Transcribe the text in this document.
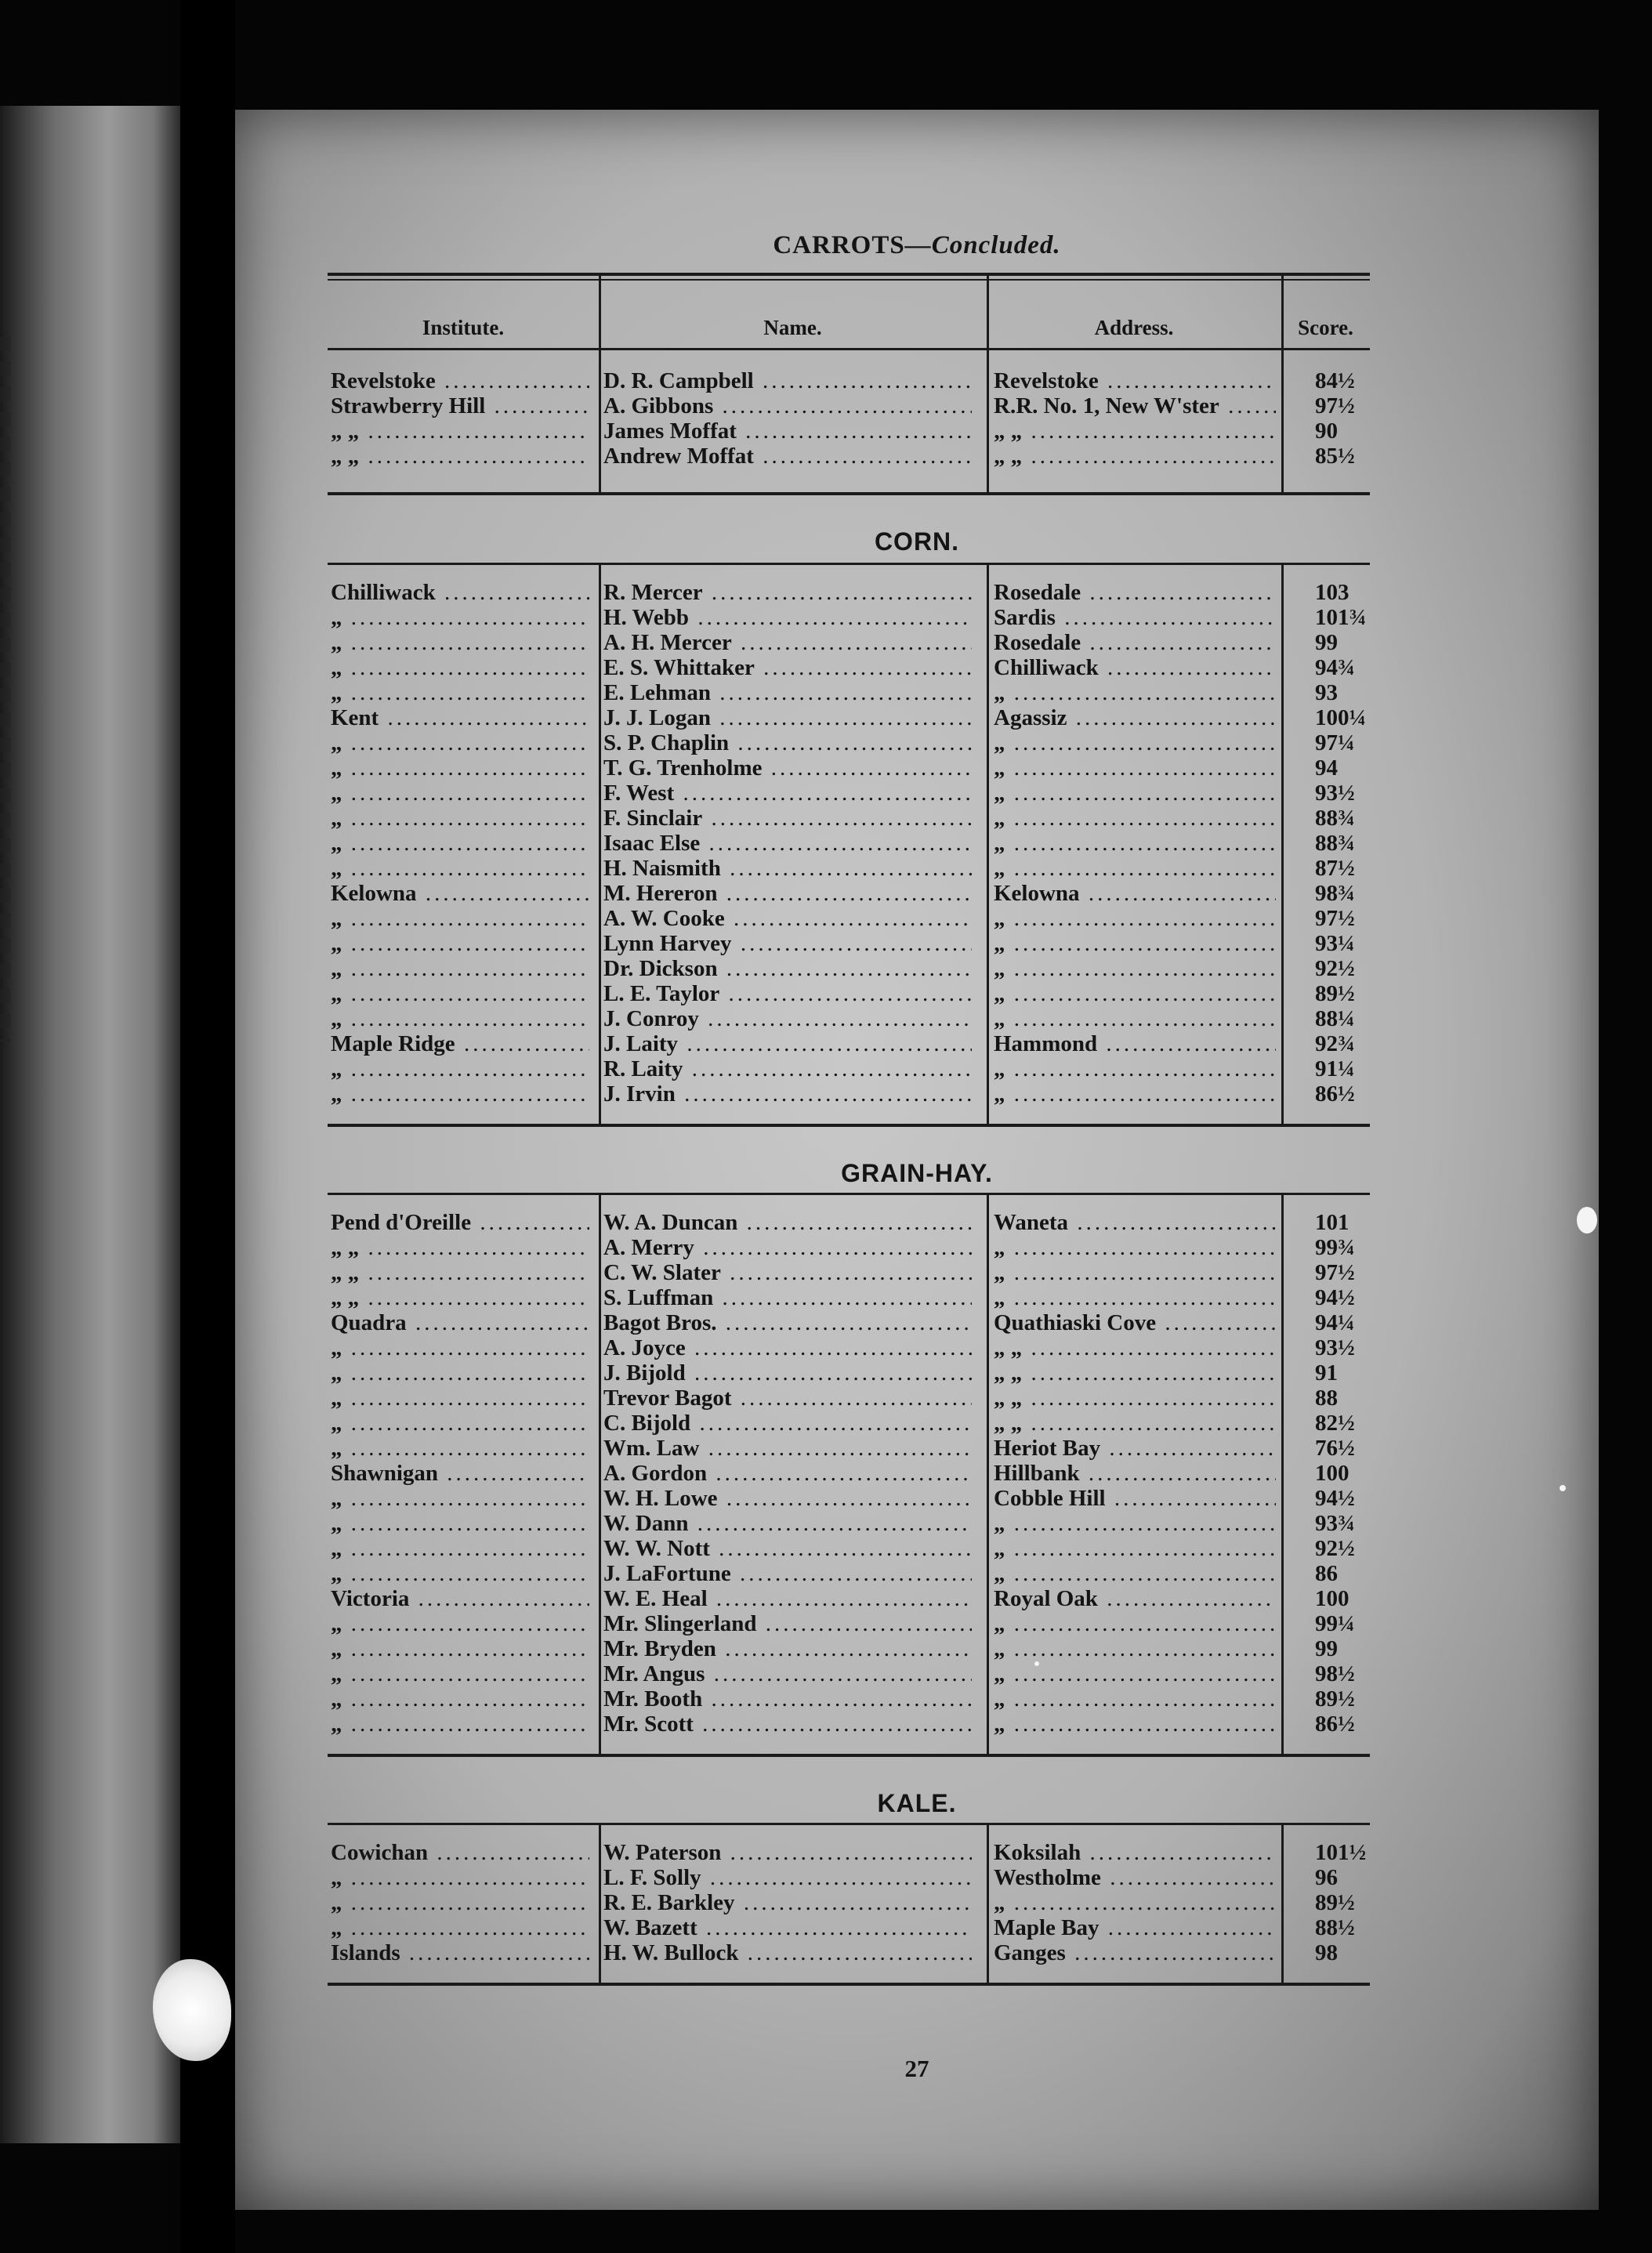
CARROTS—Concluded.
Institute.	Name.	Address.	Score.
27
Revelstoke .....	D. R. Campbell .....	Revelstoke .....	84½
Strawberry Hill .....	A. Gibbons .....	R.R. No. 1, New W'ster .....	97½
„ „ .....	James Moffat .....	„ „ .....	90
„ „ .....	Andrew Moffat .....	„ „ .....	85½
CORN.
Chilliwack .....	R. Mercer .....	Rosedale .....	103
„ .....	H. Webb .....	Sardis .....	101¾
„ .....	A. H. Mercer .....	Rosedale .....	99
„ .....	E. S. Whittaker .....	Chilliwack .....	94¾
„ .....	E. Lehman .....	„ .....	93
Kent .....	J. J. Logan .....	Agassiz .....	100¼
„ .....	S. P. Chaplin .....	„ .....	97¼
„ .....	T. G. Trenholme .....	„ .....	94
„ .....	F. West .....	„ .....	93½
„ .....	F. Sinclair .....	„ .....	88¾
„ .....	Isaac Else .....	„ .....	88¾
„ .....	H. Naismith .....	„ .....	87½
Kelowna .....	M. Hereron .....	Kelowna .....	98¾
„ .....	A. W. Cooke .....	„ .....	97½
„ .....	Lynn Harvey .....	„ .....	93¼
„ .....	Dr. Dickson .....	„ .....	92½
„ .....	L. E. Taylor .....	„ .....	89½
„ .....	J. Conroy .....	„ .....	88¼
Maple Ridge .....	J. Laity .....	Hammond .....	92¾
„ .....	R. Laity .....	„ .....	91¼
„ .....	J. Irvin .....	„ .....	86½
GRAIN-HAY.
Pend d'Oreille .....	W. A. Duncan .....	Waneta .....	101
„ „ .....	A. Merry .....	„ .....	99¾
„ „ .....	C. W. Slater .....	„ .....	97½
„ „ .....	S. Luffman .....	„ .....	94½
Quadra .....	Bagot Bros. .....	Quathiaski Cove .....	94¼
„ .....	A. Joyce .....	„ „ .....	93½
„ .....	J. Bijold .....	„ „ .....	91
„ .....	Trevor Bagot .....	„ „ .....	88
„ .....	C. Bijold .....	„ „ .....	82½
„ .....	Wm. Law .....	Heriot Bay .....	76½
Shawnigan .....	A. Gordon .....	Hillbank .....	100
„ .....	W. H. Lowe .....	Cobble Hill .....	94½
„ .....	W. Dann .....	„ .....	93¾
„ .....	W. W. Nott .....	„ .....	92½
„ .....	J. LaFortune .....	„ .....	86
Victoria .....	W. E. Heal .....	Royal Oak .....	100
„ .....	Mr. Slingerland .....	„ .....	99¼
„ .....	Mr. Bryden .....	„ .....	99
„ .....	Mr. Angus .....	„ .....	98½
„ .....	Mr. Booth .....	„ .....	89½
„ .....	Mr. Scott .....	„ .....	86½
KALE.
Cowichan .....	W. Paterson .....	Koksilah .....	101½
„ .....	L. F. Solly .....	Westholme .....	96
„ .....	R. E. Barkley .....	„ .....	89½
„ .....	W. Bazett .....	Maple Bay .....	88½
Islands .....	H. W. Bullock .....	Ganges .....	98
